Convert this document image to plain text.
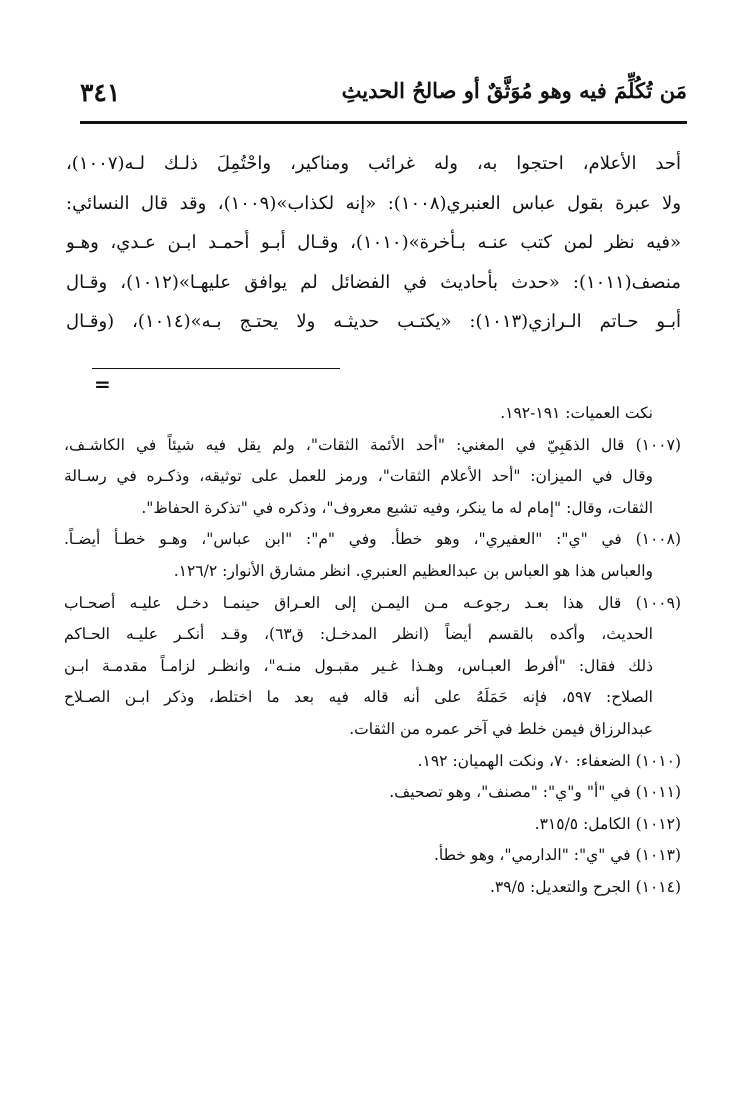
٣٤١	مَن تُكُلِّمَ فيه وهو مُوَثَّقٌ أو صالحُ الحديثِ
أحد الأعلام، احتجوا به، وله غرائب ومناكير، واحْتُمِلَ ذلـك لـه(١٠٠٧)،
ولا عبرة بقول عباس العنبري(١٠٠٨): «إنه لكذاب»(١٠٠٩)، وقد قال النسائي:
«فيه نظر لمن كتب عنـه بـأخرة»(١٠١٠)، وقـال أبـو أحمـد ابـن عـدي، وهـو
منصف(١٠١١): «حدث بأحاديث في الفضائل لم يوافق عليهـا»(١٠١٢)، وقـال
أبـو حـاتم الـرازي(١٠١٣): «يكتـب حديثـه ولا يحتـج بـه»(١٠١٤)، (وقـال
=
نكت العميات: ١٩١-١٩٢.
(١٠٠٧) قال الذهَبِيّ في المغني: "أحد الأئمة الثقات"، ولم يقل فيه شيئاً في الكاشـف،
وقال في الميزان: "أحد الأعلام الثقات"، ورمز للعمل على توثيقه، وذكـره في رسـالة
الثقات، وقال: "إمام له ما ينكر، وفيه تشيع معروف"، وذكره في "تذكرة الحفاظ".
(١٠٠٨) في "ي": "العفيري"، وهو خطأ. وفي "م": "ابن عباس"، وهـو خطـأ أيضـاً.
والعباس هذا هو العباس بن عبدالعظيم العنبري. انظر مشارق الأنوار: ١٢٦/٢.
(١٠٠٩) قال هذا بعـد رجوعـه مـن اليمـن إلى العـراق حينمـا دخـل عليـه أصحـاب
الحديث، وأكده بالقسم أيضاً (انظر المدخـل: ق٦٣)، وقـد أنكـر عليـه الحـاكم
ذلك فقال: "أفرط العبـاس، وهـذا غـير مقبـول منـه"، وانظـر لزامـاً مقدمـة ابـن
الصلاح: ٥٩٧، فإنه حَمَلَهُ على أنه قاله فيه بعد ما اختلط، وذكر ابـن الصـلاح
عبدالرزاق فيمن خلط في آخر عمره من الثقات.
(١٠١٠) الضعفاء: ٧٠، ونكت الهميان: ١٩٢.
(١٠١١) في "أ" و"ي": "مصنف"، وهو تصحيف.
(١٠١٢) الكامل: ٣١٥/٥.
(١٠١٣) في "ي": "الدارمي"، وهو خطأ.
(١٠١٤) الجرح والتعديل: ٣٩/٥.
